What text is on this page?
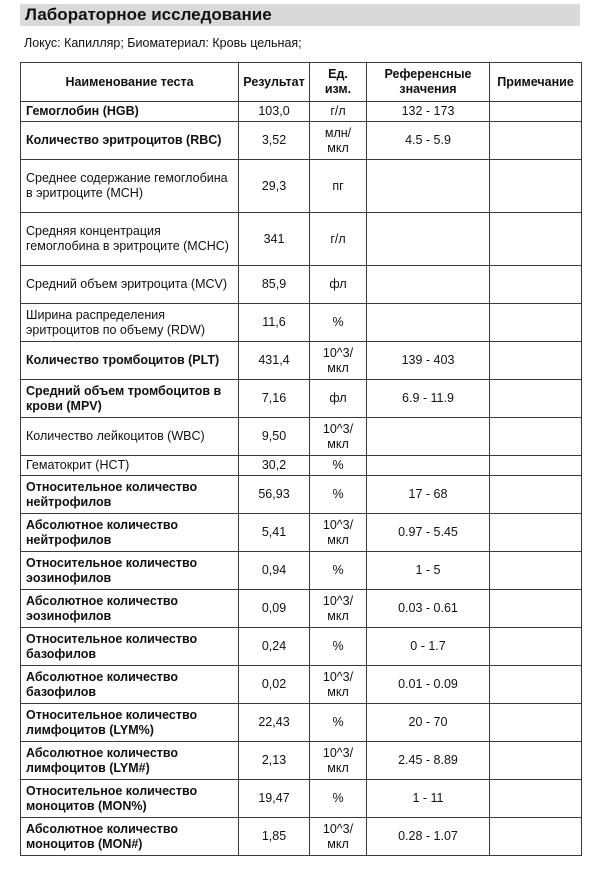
Лабораторное исследование
Локус: Капилляр; Биоматериал: Кровь цельная;
Наименование теста	Результат	Ед. изм.	Референсные значения	Примечание
Гемоглобин (HGB)	103,0	г/л	132 - 173	
Количество эритроцитов (RBC)	3,52	млн/ мкл	4.5 - 5.9	
Среднее содержание гемоглобина в эритроците (MCH)	29,3	пг		
Средняя концентрация гемоглобина в эритроците (MCHC)	341	г/л		
Средний объем эритроцита (MCV)	85,9	фл		
Ширина распределения эритроцитов по объему (RDW)	11,6	%		
Количество тромбоцитов (PLT)	431,4	10^3/ мкл	139 - 403	
Средний объем тромбоцитов в крови (MPV)	7,16	фл	6.9 - 11.9	
Количество лейкоцитов (WBC)	9,50	10^3/ мкл		
Гематокрит (HCT)	30,2	%		
Относительное количество нейтрофилов	56,93	%	17 - 68	
Абсолютное количество нейтрофилов	5,41	10^3/ мкл	0.97 - 5.45	
Относительное количество эозинофилов	0,94	%	1 - 5	
Абсолютное количество эозинофилов	0,09	10^3/ мкл	0.03 - 0.61	
Относительное количество базофилов	0,24	%	0 - 1.7	
Абсолютное количество базофилов	0,02	10^3/ мкл	0.01 - 0.09	
Относительное количество лимфоцитов (LYM%)	22,43	%	20 - 70	
Абсолютное количество лимфоцитов (LYM#)	2,13	10^3/ мкл	2.45 - 8.89	
Относительное количество моноцитов (MON%)	19,47	%	1 - 11	
Абсолютное количество моноцитов (MON#)	1,85	10^3/ мкл	0.28 - 1.07	
